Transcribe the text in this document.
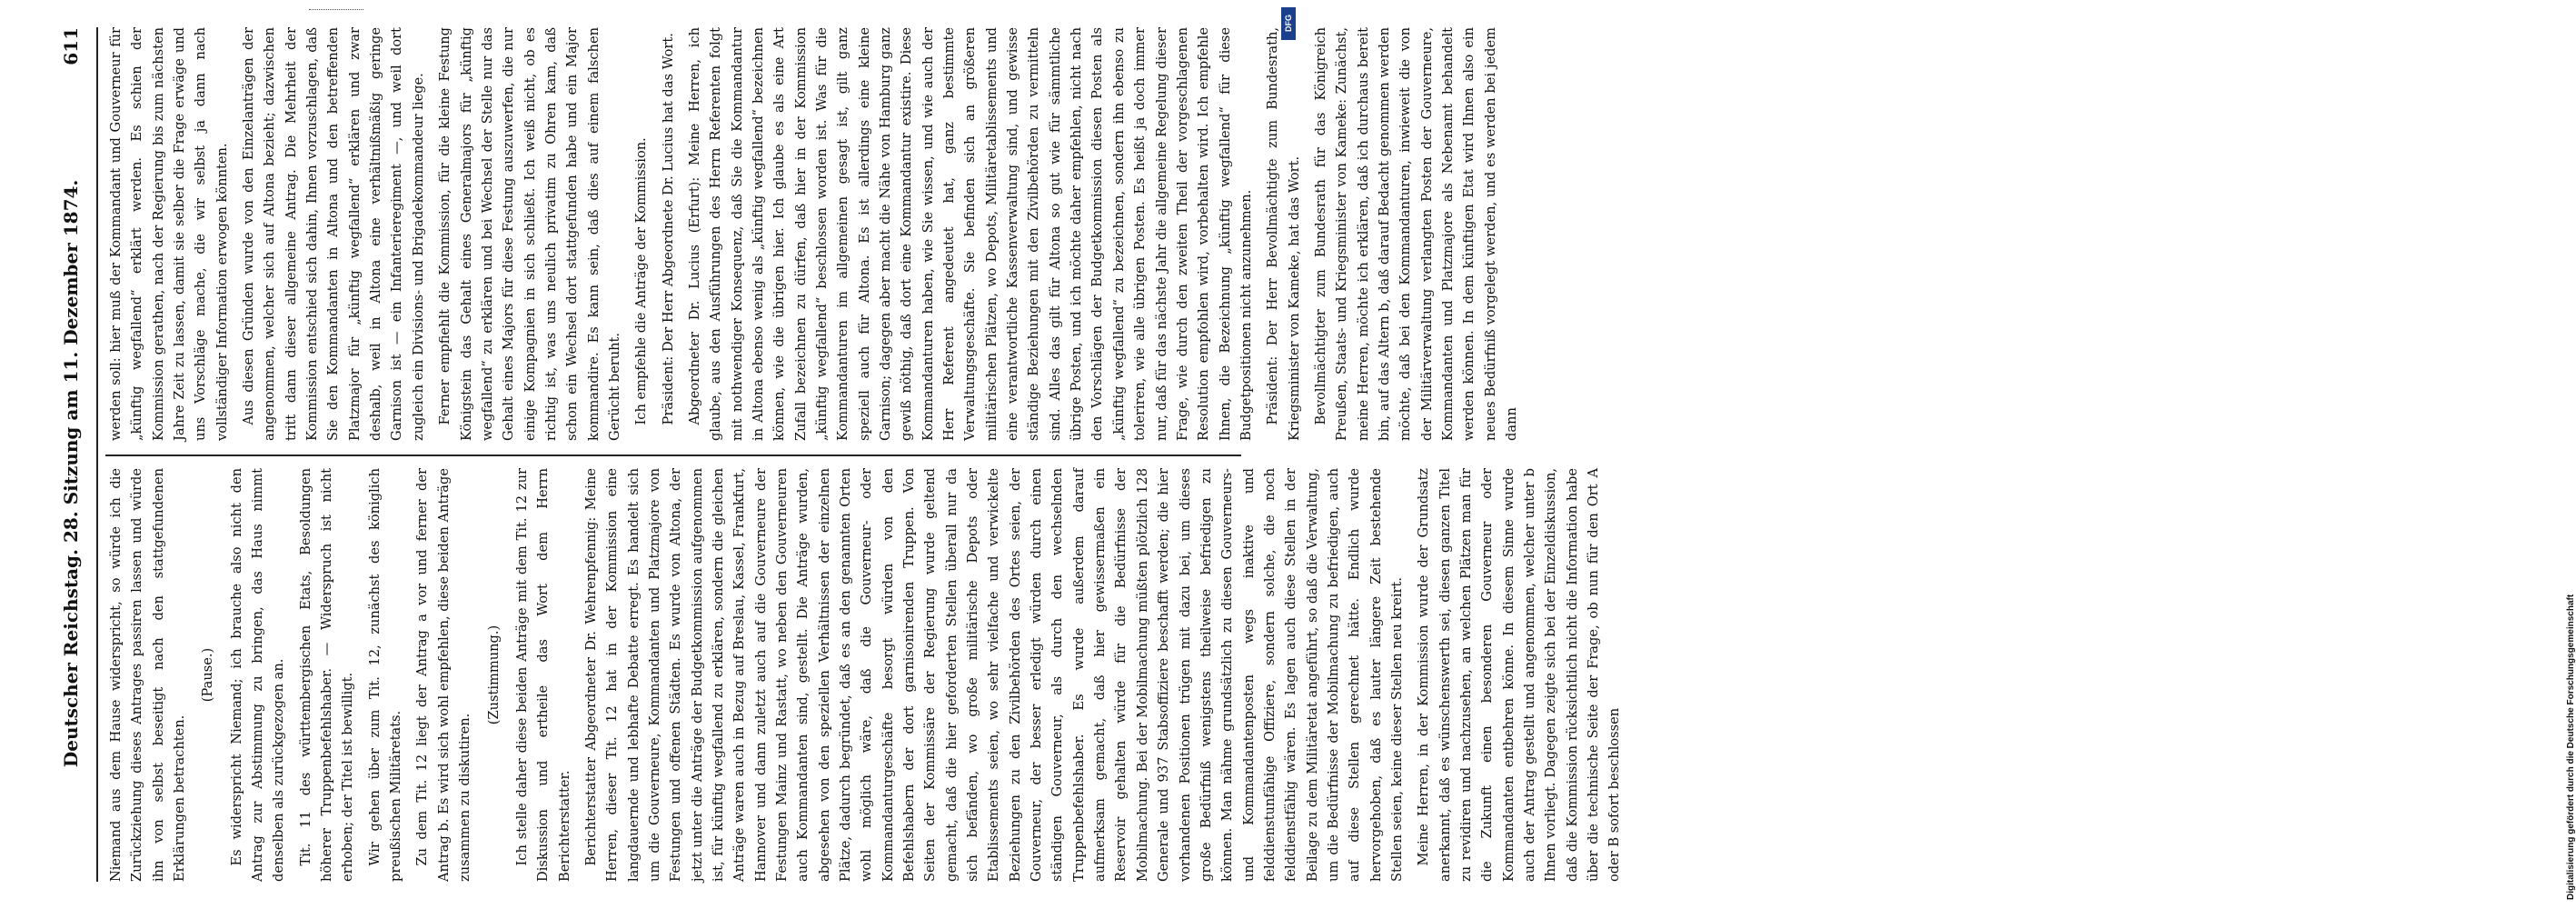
Deutscher Reichstag. 28. Sitzung am 11. Dezember 1874.
611

Niemand aus dem Hause widerspricht, so würde ich die Zurückziehung dieses Antrages passiren lassen und würde ihn von selbst beseitigt nach den stattgefundenen Erklärungen betrachten.

(Pause.) Es widerspricht Niemand; ich brauche also nicht den Antrag zur Abstimmung zu bringen, das Haus nimmt denselben als zurückgezogen an. Tit. 11 des württembergischen Etats, Besoldungen höherer Truppenbefehlshaber. — Widerspruch ist nicht erhoben; der Titel ist bewilligt. Wir gehen über zum Tit. 12, zunächst des königlich preußischen Militäretats. Zu dem Tit. 12 liegt der Antrag a vor und ferner der Antrag b. Es wird sich wohl empfehlen, diese beiden Anträge zusammen zu diskutiren.

(Zustimmung.) Ich stelle daher diese beiden Anträge mit dem Tit. 12 zur Diskussion und ertheile das Wort dem Herrn Berichterstatter. Berichterstatter Abgeordneter Dr. Wehrenpfennig: Meine Herren, dieser Tit. 12 hat in der Kommission eine langdauernde und lebhafte Debatte erregt. Es handelt sich um die Gouverneure, Kommandanten und Platzmajore von Festungen und offenen Städten. Es wurde von Altona, der jetzt unter die Anträge der Budgetkommission aufgenommen ist, für künftig wegfallend zu erklären, sondern die gleichen Anträge waren auch in Bezug auf Breslau, Kassel, Frankfurt, Hannover und dann zuletzt auch auf die Gouverneure der Festungen Mainz und Rastatt, wo neben den Gouverneuren auch Kommandanten sind, gestellt. Die Anträge wurden, abgesehen von den speziellen Verhältnissen der einzelnen Plätze, dadurch begründet, daß es an den genannten Orten wohl möglich wäre, daß die Gouverneur- oder Kommandanturgeschäfte besorgt würden von den Befehlshabern der dort garnisonirenden Truppen. Von Seiten der Kommissäre der Regierung wurde geltend gemacht, daß die hier geforderten Stellen überall nur da sich befänden, wo große militärische Depots oder Etablissements seien, wo sehr vielfache und verwickelte Beziehungen zu den Zivilbehörden des Ortes seien, der Gouverneur, der besser erledigt würden durch einen ständigen Gouverneur, als durch den wechselnden Truppenbefehlshaber. Es wurde außerdem darauf aufmerksam gemacht, daß hier gewissermaßen ein Reservoir gehalten würde für die Bedürfnisse der Mobilmachung. Bei der Mobilmachung müßten plötzlich 128 Generale und 937 Stabsoffiziere beschafft werden; die hier vorhandenen Positionen trügen mit dazu bei, um dieses große Bedürfniß wenigstens theilweise befriedigen zu können. Man nähme grundsätzlich zu diesen Gouverneurs- und Kommandantenposten wegs inaktive und felddienstunfähige Offiziere, sondern solche, die noch felddienstfähig wären. Es lagen auch diese Stellen in der Beilage zu dem Militäretat angeführt, so daß die Verwaltung, um die Bedürfnisse der Mobilmachung zu befriedigen, auch auf diese Stellen gerechnet hätte. Endlich wurde hervorgehoben, daß es lauter längere Zeit bestehende Stellen seien, keine dieser Stellen neu kreirt. Meine Herren, in der Kommission wurde der Grundsatz anerkannt, daß es wünschenswerth sei, diesen ganzen Titel zu revidiren und nachzusehen, an welchen Plätzen man für die Zukunft einen besonderen Gouverneur oder Kommandanten entbehren könne. In diesem Sinne wurde auch der Antrag gestellt und angenommen, welcher unter b Ihnen vorliegt. Dagegen zeigte sich bei der Einzeldiskussion, daß die Kommission rücksichtlich nicht die Information habe über die technische Seite der Frage, ob nun für den Ort A oder B sofort beschlossen

werden soll: hier muß der Kommandant und Gouverneur für „künftig wegfallend“ erklärt werden. Es schien der Kommission gerathen, nach der Regierung bis zum nächsten Jahre Zeit zu lassen, damit sie selber die Frage erwäge und uns Vorschläge mache, die wir selbst ja dann nach vollständiger Information erwogen könnten. Aus diesen Gründen wurde von den Einzelanträgen der angenommen, welcher sich auf Altona bezieht; dazwischen tritt dann dieser allgemeine Antrag. Die Mehrheit der Kommission entschied sich dahin, Ihnen vorzuschlagen, daß Sie den Kommandanten in Altona und den betreffenden Platzmajor für „künftig wegfallend“ erklären und zwar deshalb, weil in Altona eine verhältnißmäßig geringe Garnison ist — ein Infanterieregiment —, und weil dort zugleich ein Divisions- und Brigadekommandeur liege. Ferner empfiehlt die Kommission, für die kleine Festung Königstein das Gehalt eines Generalmajors für „künftig wegfallend“ zu erklären und bei Wechsel der Stelle nur das Gehalt eines Majors für diese Festung auszuwerfen, die nur einige Kompagnien in sich schließt. Ich weiß nicht, ob es richtig ist, was uns neulich privatim zu Ohren kam, daß schon ein Wechsel dort stattgefunden habe und ein Major kommandire. Es kann sein, daß dies auf einem falschen Gerücht beruht. Ich empfehle die Anträge der Kommission. Präsident: Der Herr Abgeordnete Dr. Lucius hat das Wort. Abgeordneter Dr. Lucius (Erfurt): Meine Herren, ich glaube, aus den Ausführungen des Herrn Referenten folgt mit nothwendiger Konsequenz, daß Sie die Kommandantur in Altona ebenso wenig als „künftig wegfallend“ bezeichnen können, wie die übrigen hier. Ich glaube es als eine Art Zufall bezeichnen zu dürfen, daß hier in der Kommission „künftig wegfallend“ beschlossen worden ist. Was für die Kommandanturen im allgemeinen gesagt ist, gilt ganz speziell auch für Altona. Es ist allerdings eine kleine Garnison; dagegen aber macht die Nähe von Hamburg ganz gewiß nöthig, daß dort eine Kommandantur existire. Diese Kommandanturen haben, wie Sie wissen, und wie auch der Herr Referent angedeutet hat, ganz bestimmte Verwaltungsgeschäfte. Sie befinden sich an größeren militärischen Plätzen, wo Depots, Militäretablissements und eine verantwortliche Kassenverwaltung sind, und gewisse ständige Beziehungen mit den Zivilbehörden zu vermitteln sind. Alles das gilt für Altona so gut wie für sämmtliche übrige Posten, und ich möchte daher empfehlen, nicht nach den Vorschlägen der Budgetkommission diesen Posten als „künftig wegfallend“ zu bezeichnen, sondern ihn ebenso zu toleriren, wie alle übrigen Posten. Es heißt ja doch immer nur, daß für das nächste Jahr die allgemeine Regelung dieser Frage, wie durch den zweiten Theil der vorgeschlagenen Resolution empfohlen wird, vorbehalten wird. Ich empfehle Ihnen, die Bezeichnung „künftig wegfallend“ für diese Budgetpositionen nicht anzunehmen. Präsident: Der Herr Bevollmächtigte zum Bundesrath, Kriegsminister von Kameke, hat das Wort. Bevollmächtigter zum Bundesrath für das Königreich Preußen, Staats- und Kriegsminister von Kameke: Zunächst, meine Herren, möchte ich erklären, daß ich durchaus bereit bin, auf das Altern b, daß darauf Bedacht genommen werden möchte, daß bei den Kommandanturen, inwieweit die von der Militärverwaltung verlangten Posten der Gouverneure, Kommandanten und Platzmajore als Nebenamt behandelt werden können. In dem künftigen Etat wird Ihnen also ein neues Bedürfniß vorgelegt werden, und es werden bei jedem dann

Digitalisierung gefördert durch die Deutsche Forschungsgemeinschaft
DFG
